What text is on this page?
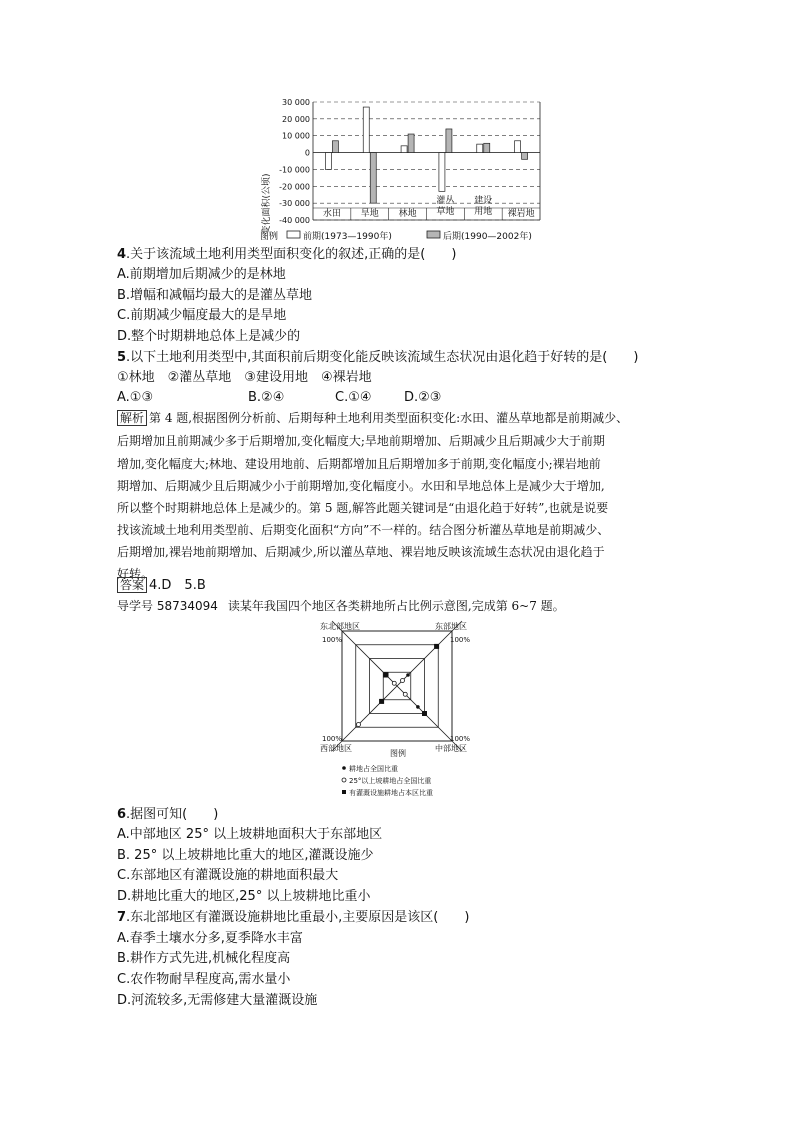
30 000
20 000
10 000
0
-10 000
-20 000
-30 000
-40 000
水田 旱地 林地
灌丛
草地
建设
用地 裸岩地
变化面积(公顷)
图例	前期(1973—1990年)	后期(1990—2002年)
4.关于该流域土地利用类型面积变化的叙述,正确的是(　　)
A.前期增加后期减少的是林地
B.增幅和减幅均最大的是灌丛草地
C.前期减少幅度最大的是旱地
D.整个时期耕地总体上是减少的
5.以下土地利用类型中,其面积前后期变化能反映该流域生态状况由退化趋于好转的是(　　)
①林地　②灌丛草地　③建设用地　④裸岩地
A.①③	B.②④	C.①④ D.②③
解析 第 4 题,根据图例分析前、后期每种土地利用类型面积变化:水田、灌丛草地都是前期减少、
后期增加且前期减少多于后期增加,变化幅度大;旱地前期增加、后期减少且后期减少大于前期
增加,变化幅度大;林地、建设用地前、后期都增加且后期增加多于前期,变化幅度小;裸岩地前
期增加、后期减少且后期减少小于前期增加,变化幅度小。水田和旱地总体上是减少大于增加,
所以整个时期耕地总体上是减少的。第 5 题,解答此题关键词是“由退化趋于好转”,也就是说要
找该流域土地利用类型前、后期变化面积“方向”不一样的。结合图分析灌丛草地是前期减少、
后期增加,裸岩地前期增加、后期减少,所以灌丛草地、裸岩地反映该流域生态状况由退化趋于
好转。
答案 4.D　5.B
导学号 58734094 读某年我国四个地区各类耕地所占比例示意图,完成第 6~7 题。
东北部地区	东部地区
100%	100%
100%	100%
西部地区	中部地区
图例
耕地占全国比重
25°以上坡耕地占全国比重
有灌溉设施耕地占本区比重
6.据图可知(　　)
A.中部地区 25° 以上坡耕地面积大于东部地区
B. 25° 以上坡耕地比重大的地区,灌溉设施少
C.东部地区有灌溉设施的耕地面积最大
D.耕地比重大的地区,25° 以上坡耕地比重小
7.东北部地区有灌溉设施耕地比重最小,主要原因是该区(　　)
A.春季土壤水分多,夏季降水丰富
B.耕作方式先进,机械化程度高
C.农作物耐旱程度高,需水量小
D.河流较多,无需修建大量灌溉设施
